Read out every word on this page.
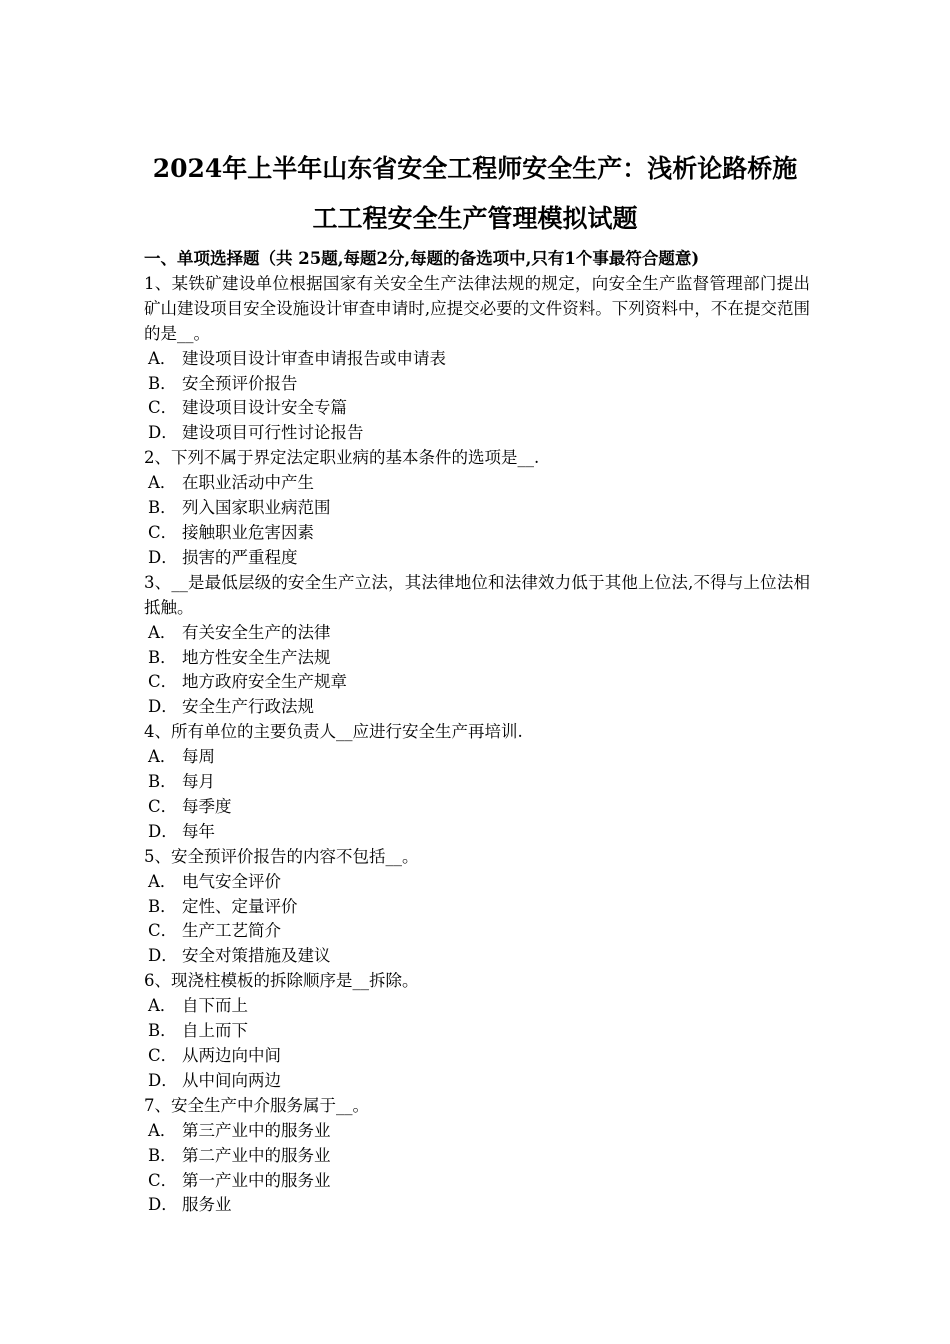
2024年上半年山东省安全工程师安全生产：浅析论路桥施
工工程安全生产管理模拟试题
一、单项选择题（共 25题,每题2分,每题的备选项中,只有1个事最符合题意)
1、某铁矿建设单位根据国家有关安全生产法律法规的规定，向安全生产监督管理部门提出矿山建设项目安全设施设计审查申请时,应提交必要的文件资料。下列资料中，不在提交范围的是__。
A． 建设项目设计审查申请报告或申请表
B． 安全预评价报告
C． 建设项目设计安全专篇
D． 建设项目可行性讨论报告
2、下列不属于界定法定职业病的基本条件的选项是__.
A． 在职业活动中产生
B． 列入国家职业病范围
C． 接触职业危害因素
D． 损害的严重程度
3、__是最低层级的安全生产立法，其法律地位和法律效力低于其他上位法,不得与上位法相抵触。
A． 有关安全生产的法律
B． 地方性安全生产法规
C． 地方政府安全生产规章
D． 安全生产行政法规
4、所有单位的主要负责人__应进行安全生产再培训.
A． 每周
B． 每月
C． 每季度
D． 每年
5、安全预评价报告的内容不包括__。
A． 电气安全评价
B． 定性、定量评价
C． 生产工艺简介
D． 安全对策措施及建议
6、现浇柱模板的拆除顺序是__拆除。
A． 自下而上
B． 自上而下
C． 从两边向中间
D． 从中间向两边
7、安全生产中介服务属于__。
A． 第三产业中的服务业
B． 第二产业中的服务业
C． 第一产业中的服务业
D． 服务业
